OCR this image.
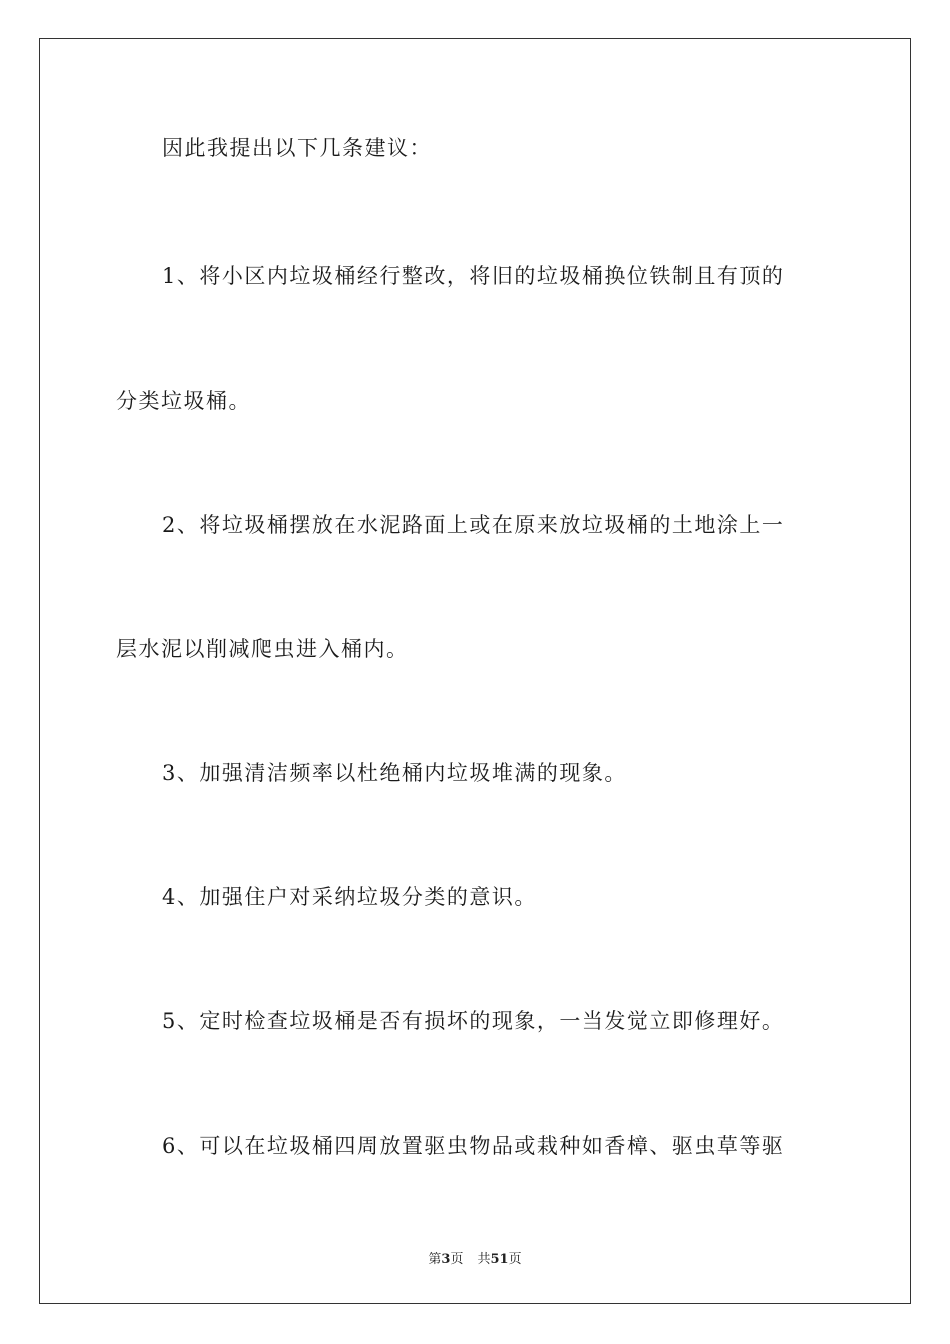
因此我提出以下几条建议：
1、将小区内垃圾桶经行整改，将旧的垃圾桶换位铁制且有顶的
分类垃圾桶。
2、将垃圾桶摆放在水泥路面上或在原来放垃圾桶的土地涂上一
层水泥以削减爬虫进入桶内。
3、加强清洁频率以杜绝桶内垃圾堆满的现象。
4、加强住户对采纳垃圾分类的意识。
5、定时检查垃圾桶是否有损坏的现象，一当发觉立即修理好。
6、可以在垃圾桶四周放置驱虫物品或栽种如香樟、驱虫草等驱
第3页 共51页
